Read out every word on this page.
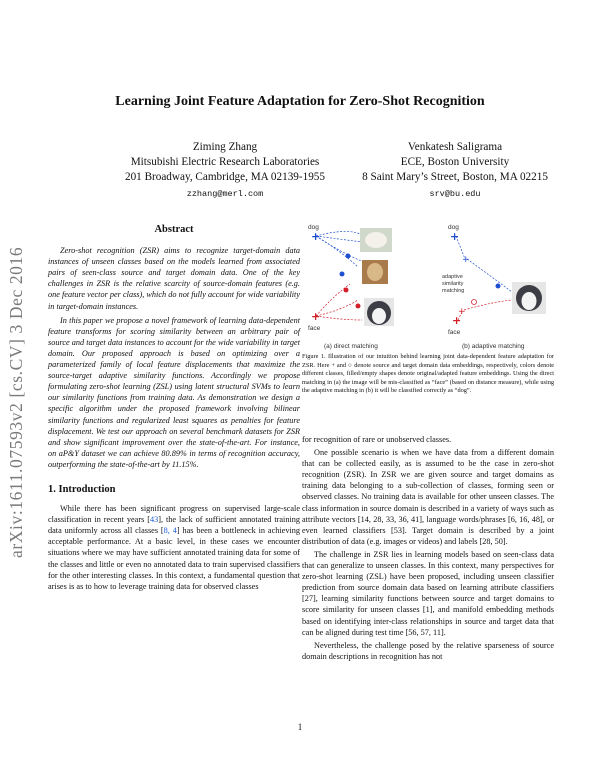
arXiv:1611.07593v2 [cs.CV] 3 Dec 2016
Learning Joint Feature Adaptation for Zero-Shot Recognition
Ziming Zhang
Mitsubishi Electric Research Laboratories
201 Broadway, Cambridge, MA 02139-1955
zzhang@merl.com
Venkatesh Saligrama
ECE, Boston University
8 Saint Mary’s Street, Boston, MA 02215
srv@bu.edu
Abstract

Zero-shot recognition (ZSR) aims to recognize target-domain data instances of unseen classes based on the models learned from associated pairs of seen-class source and target domain data. One of the key challenges in ZSR is the relative scarcity of source-domain features (e.g. one feature vector per class), which do not fully account for wide variability in target-domain instances.

In this paper we propose a novel framework of learning data-dependent feature transforms for scoring similarity between an arbitrary pair of source and target data instances to account for the wide variability in target domain. Our proposed approach is based on optimizing over a parameterized family of local feature displacements that maximize the source-target adaptive similarity functions. Accordingly we propose formulating zero-shot learning (ZSL) using latent structural SVMs to learn our similarity functions from training data. As demonstration we design a specific algorithm under the proposed framework involving bilinear similarity functions and regularized least squares as penalties for feature displacement. We test our approach on several benchmark datasets for ZSR and show significant improvement over the state-of-the-art. For instance, on aP&Y dataset we can achieve 80.89% in terms of recognition accuracy, outperforming the state-of-the-art by 11.15%.

1. Introduction

While there has been significant progress on supervised large-scale classification in recent years [43], the lack of sufficient annotated training data uniformly across all classes [8, 4] has been a bottleneck in achieving acceptable performance. At a basic level, in these cases we encounter situations where we may have sufficient annotated training data for some of the classes and little or even no annotated data to train supervised classifiers for the other interesting classes. In this context, a fundamental question that arises is as to how to leverage training data for observed classes

dog
+
+
face
(a) direct matching
dog
+
+
adaptive
similarity
matching
+
+
face
(b) adaptive matching
Figure 1. Illustration of our intuition behind learning joint data-dependent feature adaptation for ZSR. Here + and ○ denote source and target domain data embeddings, respectively, colors denote different classes, filled/empty shapes denote original/adapted feature embeddings. Using the direct matching in (a) the image will be mis-classified as “face” (based on distance measure), while using the adaptive matching in (b) it will be classified correctly as “dog”.

for recognition of rare or unobserved classes.

One possible scenario is when we have data from a different domain that can be collected easily, as is assumed to be the case in zero-shot recognition (ZSR). In ZSR we are given source and target domains as training data belonging to a sub-collection of classes, forming seen or observed classes. No training data is available for other unseen classes. The class information in source domain is described in a variety of ways such as attribute vectors [14, 28, 33, 36, 41], language words/phrases [6, 16, 48], or even learned classifiers [53]. Target domain is described by a joint distribution of data (e.g. images or videos) and labels [28, 50].

The challenge in ZSR lies in learning models based on seen-class data that can generalize to unseen classes. In this context, many perspectives for zero-shot learning (ZSL) have been proposed, including unseen classifier prediction from source domain data based on learning attribute classifiers [27], learning similarity functions between source and target domains to score similarity for unseen classes [1], and manifold embedding methods based on identifying inter-class relationships in source and target data that can be aligned during test time [56, 57, 11].

Nevertheless, the challenge posed by the relative sparseness of source domain descriptions in recognition has not

1
